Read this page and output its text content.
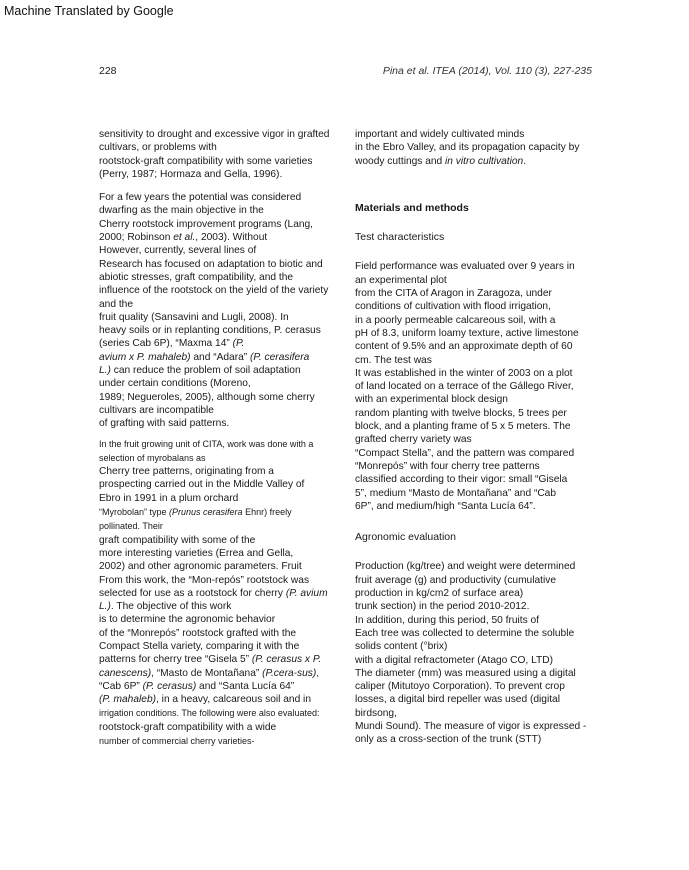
Machine Translated by Google
228	Pina et al. ITEA (2014), Vol. 110 (3), 227-235

sensitivity to drought and excessive vigor in grafted
cultivars, or problems with
rootstock-graft compatibility with some varieties
(Perry, 1987; Hormaza and Gella, 1996).

For a few years the potential was considered
dwarfing as the main objective in the
Cherry rootstock improvement programs (Lang,
2000; Robinson et al., 2003). Without
However, currently, several lines of
Research has focused on adaptation to biotic and
abiotic stresses, graft compatibility, and the
influence of the rootstock on the yield of the variety
and the
fruit quality (Sansavini and Lugli, 2008). In
heavy soils or in replanting conditions, P. cerasus
(series Cab 6P), “Maxma 14” (P.
avium x P. mahaleb) and “Adara” (P. cerasifera
L.) can reduce the problem of soil adaptation
under certain conditions (Moreno,
1989; Negueroles, 2005), although some cherry
cultivars are incompatible
of grafting with said patterns.

In the fruit growing unit of CITA, work was done with a
selection of myrobalans as
Cherry tree patterns, originating from a
prospecting carried out in the Middle Valley of
Ebro in 1991 in a plum orchard
“Myrobolan” type (Prunus cerasifera Ehnr) freely
pollinated. Their
graft compatibility with some of the
more interesting varieties (Errea and Gella,
2002) and other agronomic parameters. Fruit
From this work, the “Mon-repós” rootstock was
selected for use as a rootstock for cherry (P. avium
L.). The objective of this work
is to determine the agronomic behavior
of the “Monrepós” rootstock grafted with the
Compact Stella variety, comparing it with the
patterns for cherry tree “Gisela 5” (P. cerasus x P.
canescens), “Masto de Montañana” (P.cera-sus),
“Cab 6P” (P. cerasus) and “Santa Lucía 64”
(P. mahaleb), in a heavy, calcareous soil and in
irrigation conditions. The following were also evaluated:
rootstock-graft compatibility with a wide
number of commercial cherry varieties-

important and widely cultivated minds
in the Ebro Valley, and its propagation capacity by
woody cuttings and in vitro cultivation.

Materials and methods

Test characteristics

Field performance was evaluated over 9 years in
an experimental plot
from the CITA of Aragon in Zaragoza, under
conditions of cultivation with flood irrigation,
in a poorly permeable calcareous soil, with a
pH of 8.3, uniform loamy texture, active limestone
content of 9.5% and an approximate depth of 60
cm. The test was
It was established in the winter of 2003 on a plot
of land located on a terrace of the Gállego River,
with an experimental block design
random planting with twelve blocks, 5 trees per
block, and a planting frame of 5 x 5 meters. The
grafted cherry variety was
“Compact Stella”, and the pattern was compared
“Monrepós” with four cherry tree patterns
classified according to their vigor: small “Gisela
5”, medium “Masto de Montañana” and “Cab
6P”, and medium/high “Santa Lucía 64”.

Agronomic evaluation

Production (kg/tree) and weight were determined
fruit average (g) and productivity (cumulative
production in kg/cm2 of surface area)
trunk section) in the period 2010-2012.
In addition, during this period, 50 fruits of
Each tree was collected to determine the soluble
solids content (°brix)
with a digital refractometer (Atago CO, LTD)
The diameter (mm) was measured using a digital
caliper (Mitutoyo Corporation). To prevent crop
losses, a digital bird repeller was used (digital
birdsong,
Mundi Sound). The measure of vigor is expressed -
only as a cross-section of the trunk (STT)
